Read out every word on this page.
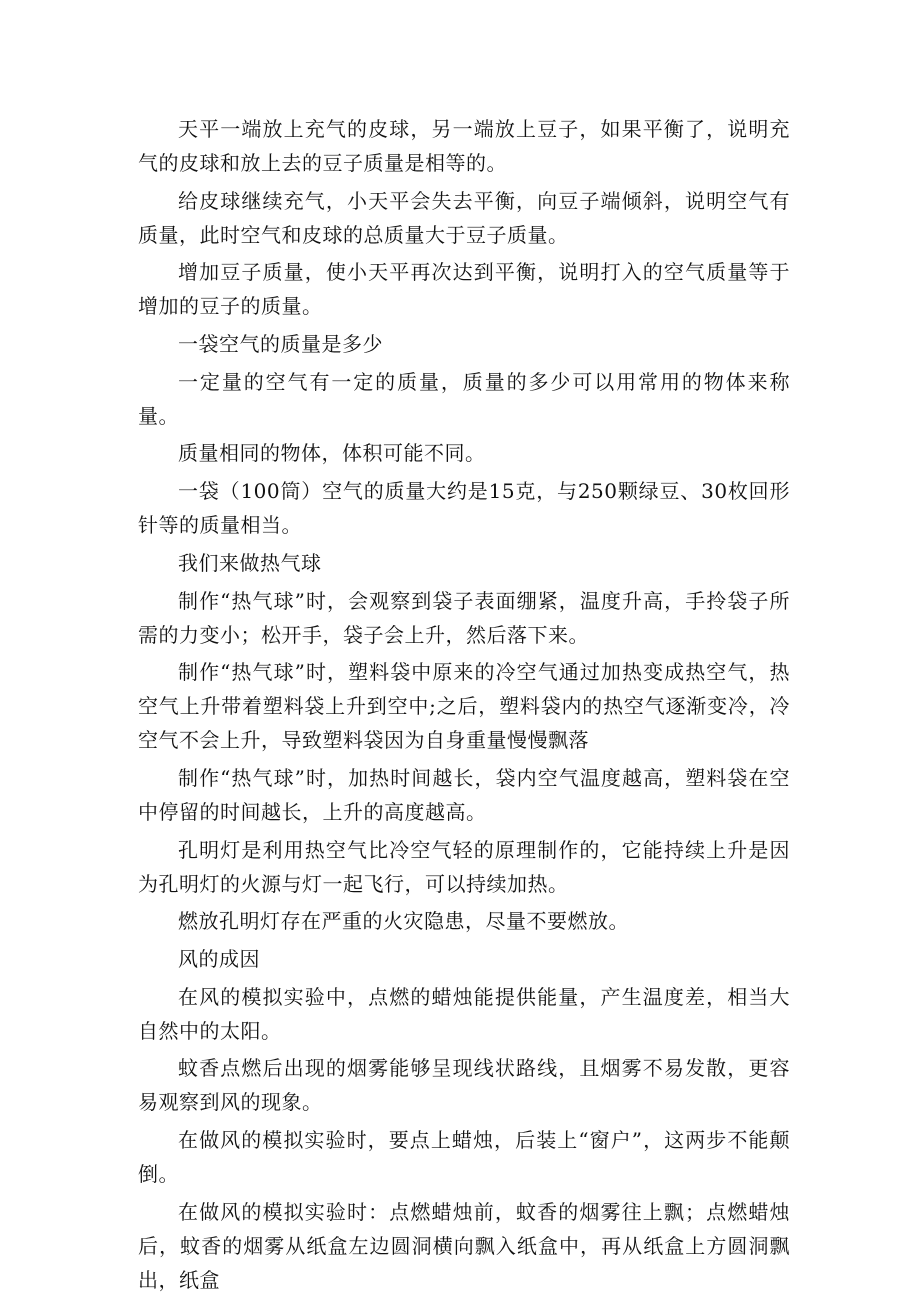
天平一端放上充气的皮球，另一端放上豆子，如果平衡了，说明充气的皮球和放上去的豆子质量是相等的。

给皮球继续充气，小天平会失去平衡，向豆子端倾斜，说明空气有质量，此时空气和皮球的总质量大于豆子质量。

增加豆子质量，使小天平再次达到平衡，说明打入的空气质量等于增加的豆子的质量。

一袋空气的质量是多少

一定量的空气有一定的质量，质量的多少可以用常用的物体来称量。

质量相同的物体，体积可能不同。

一袋（100筒）空气的质量大约是15克，与250颗绿豆、30枚回形针等的质量相当。

我们来做热气球

制作“热气球”时，会观察到袋子表面绷紧，温度升高，手拎袋子所需的力变小；松开手，袋子会上升，然后落下来。

制作“热气球”时，塑料袋中原来的冷空气通过加热变成热空气，热空气上升带着塑料袋上升到空中;之后，塑料袋内的热空气逐渐变冷，冷空气不会上升，导致塑料袋因为自身重量慢慢飘落

制作“热气球”时，加热时间越长，袋内空气温度越高，塑料袋在空中停留的时间越长，上升的高度越高。

孔明灯是利用热空气比冷空气轻的原理制作的，它能持续上升是因为孔明灯的火源与灯一起飞行，可以持续加热。

燃放孔明灯存在严重的火灾隐患，尽量不要燃放。

风的成因

在风的模拟实验中，点燃的蜡烛能提供能量，产生温度差，相当大自然中的太阳。

蚊香点燃后出现的烟雾能够呈现线状路线，且烟雾不易发散，更容易观察到风的现象。

在做风的模拟实验时，要点上蜡烛，后装上“窗户”，这两步不能颠倒。

在做风的模拟实验时：点燃蜡烛前，蚊香的烟雾往上飘；点燃蜡烛后，蚊香的烟雾从纸盒左边圆洞横向飘入纸盒中，再从纸盒上方圆洞飘出，纸盒
